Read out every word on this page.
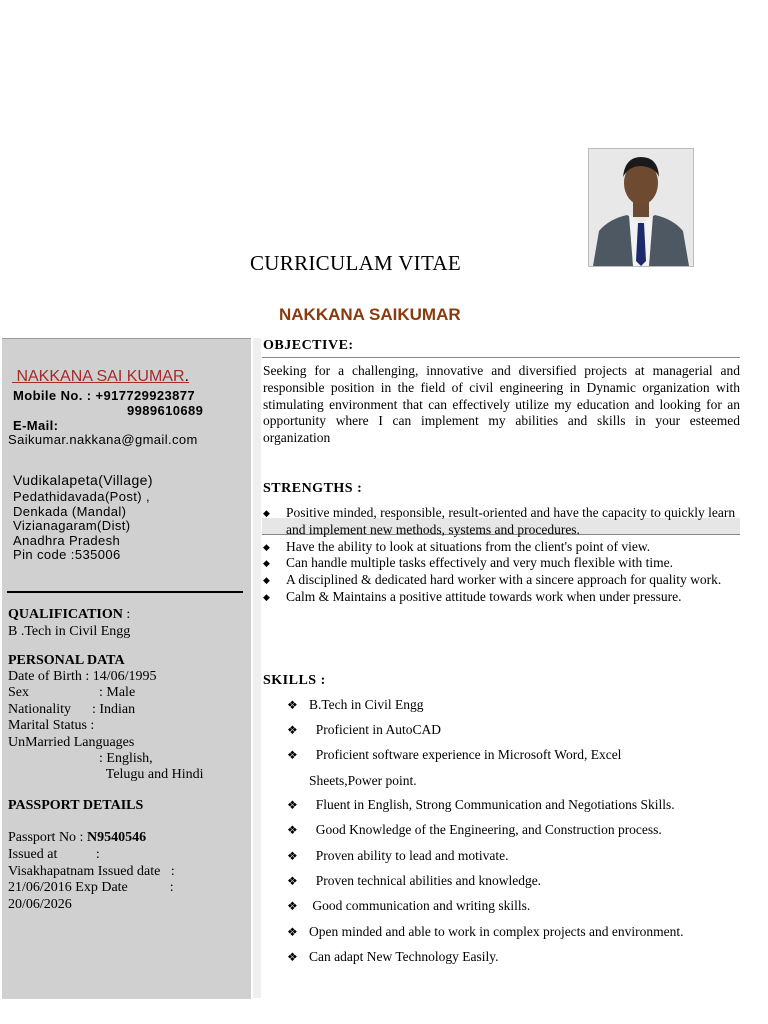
CURRICULAM VITAE
NAKKANA SAIKUMAR
NAKKANA SAI KUMAR.
Mobile No. : +917729923877
9989610689
E-Mail:
Saikumar.nakkana@gmail.com
Vudikalapeta(Village)
Pedathidavada(Post) ,
Denkada (Mandal)
Vizianagaram(Dist)
Anadhra Pradesh
Pin code :535006
QUALIFICATION :
B .Tech in Civil Engg
PERSONAL DATA
Date of Birth : 14/06/1995
Sex                    : Male
Nationality      : Indian
Marital Status :
UnMarried Languages
: English,
Telugu and Hindi
PASSPORT DETAILS
Passport No : N9540546
Issued at           :
Visakhapatnam Issued date   :
21/06/2016 Exp Date            :
20/06/2026
OBJECTIVE:
Seeking for a challenging, innovative and diversified projects at managerial and responsible position in the field of civil engineering in Dynamic organization with stimulating environment that can effectively utilize my education and looking for an opportunity where I can implement my abilities and skills in your esteemed organization
STRENGTHS :
◆ Positive minded, responsible, result-oriented and have the capacity to quickly learn and implement new methods, systems and procedures.
◆ Have the ability to look at situations from the client's point of view.
◆ Can handle multiple tasks effectively and very much flexible with time.
◆ A disciplined & dedicated hard worker with a sincere approach for quality work.
◆ Calm & Maintains a positive attitude towards work when under pressure.
SKILLS :
❖ B.Tech in Civil Engg
❖  Proficient in AutoCAD
❖  Proficient software experience in Microsoft Word, Excel
Sheets,Power point.
❖  Fluent in English, Strong Communication and Negotiations Skills.
❖  Good Knowledge of the Engineering, and Construction process.
❖  Proven ability to lead and motivate.
❖  Proven technical abilities and knowledge.
❖ Good communication and writing skills.
❖ Open minded and able to work in complex projects and environment.
❖ Can adapt New Technology Easily.
